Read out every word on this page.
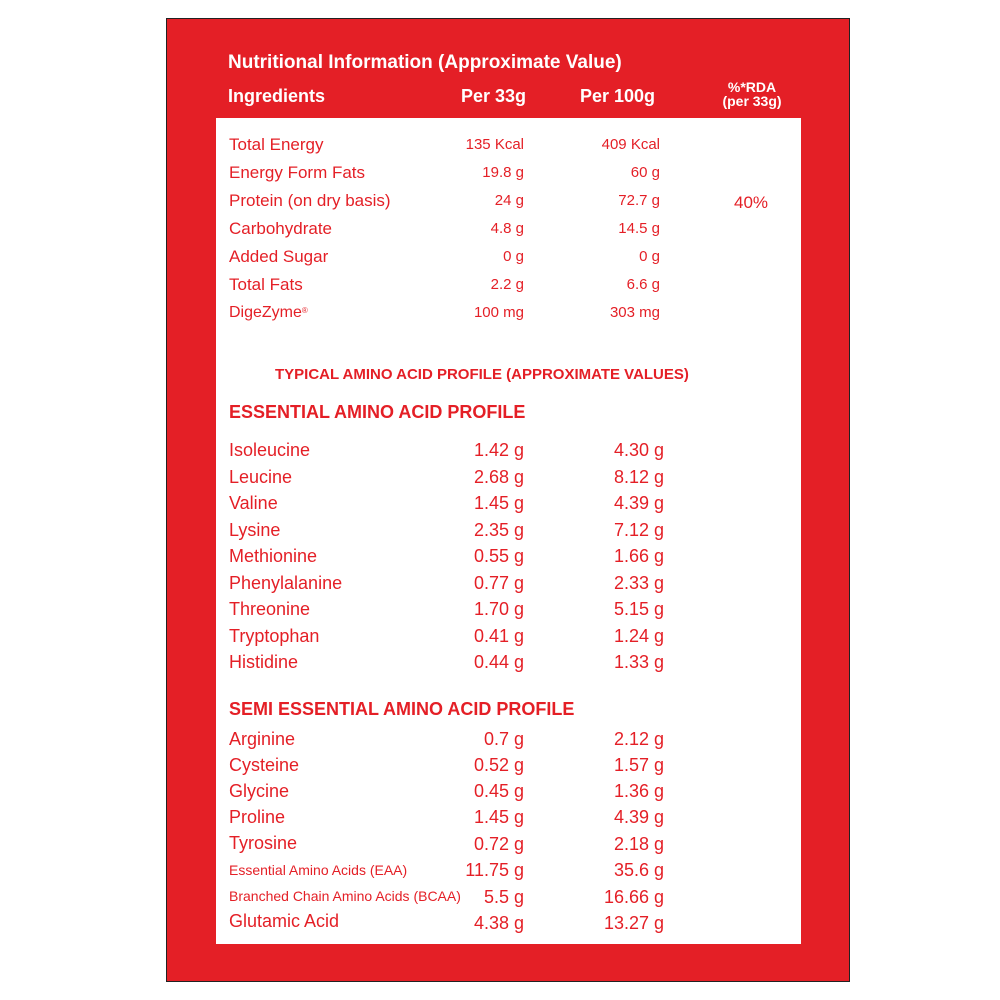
Nutritional Information (Approximate Value)
Ingredients	Per 33g	Per 100g	%*RDA
(per 33g)
Total Energy	135 Kcal	409 Kcal
Energy Form Fats	19.8 g	60 g
Protein (on dry basis)	24 g	72.7 g	40%
Carbohydrate	4.8 g	14.5 g
Added Sugar	0 g	0 g
Total Fats	2.2 g	6.6 g
DigeZyme®	100 mg	303 mg
TYPICAL AMINO ACID PROFILE (APPROXIMATE VALUES)
ESSENTIAL AMINO ACID PROFILE
Isoleucine	1.42 g	4.30 g
Leucine	2.68 g	8.12 g
Valine	1.45 g	4.39 g
Lysine	2.35 g	7.12 g
Methionine	0.55 g	1.66 g
Phenylalanine	0.77 g	2.33 g
Threonine	1.70 g	5.15 g
Tryptophan	0.41 g	1.24 g
Histidine	0.44 g	1.33 g
SEMI ESSENTIAL AMINO ACID PROFILE
Arginine	0.7 g	2.12 g
Cysteine	0.52 g	1.57 g
Glycine	0.45 g	1.36 g
Proline	1.45 g	4.39 g
Tyrosine	0.72 g	2.18 g
Essential Amino Acids (EAA)	11.75 g	35.6 g
Branched Chain Amino Acids (BCAA)	5.5 g	16.66 g
Glutamic Acid	4.38 g	13.27 g
